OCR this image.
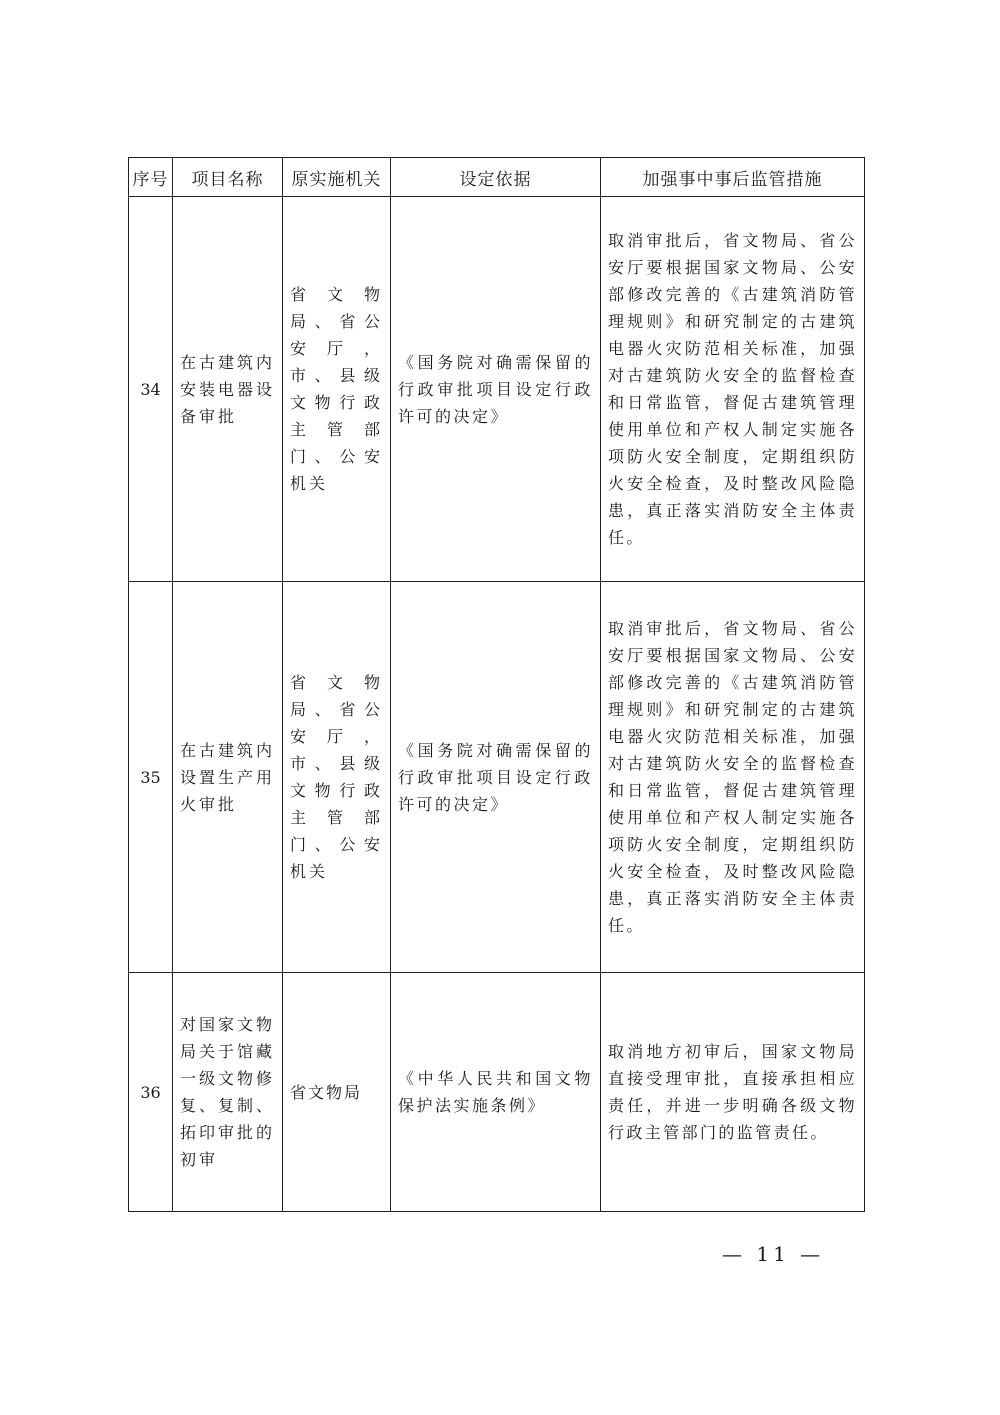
序号	项目名称	原实施机关	设定依据	加强事中事后监管措施
34	在古建筑内安装电器设备审批	省文物局、省公安厅，市、县级文物行政主管部门、公安机关	《国务院对确需保留的行政审批项目设定行政许可的决定》	取消审批后，省文物局、省公安厅要根据国家文物局、公安部修改完善的《古建筑消防管理规则》和研究制定的古建筑电器火灾防范相关标准，加强对古建筑防火安全的监督检查和日常监管，督促古建筑管理使用单位和产权人制定实施各项防火安全制度，定期组织防火安全检查，及时整改风险隐患，真正落实消防安全主体责任。
35	在古建筑内设置生产用火审批	省文物局、省公安厅，市、县级文物行政主管部门、公安机关	《国务院对确需保留的行政审批项目设定行政许可的决定》	取消审批后，省文物局、省公安厅要根据国家文物局、公安部修改完善的《古建筑消防管理规则》和研究制定的古建筑电器火灾防范相关标准，加强对古建筑防火安全的监督检查和日常监管，督促古建筑管理使用单位和产权人制定实施各项防火安全制度，定期组织防火安全检查，及时整改风险隐患，真正落实消防安全主体责任。
36	对国家文物局关于馆藏一级文物修复、复制、拓印审批的初审	省文物局	《中华人民共和国文物保护法实施条例》	取消地方初审后，国家文物局直接受理审批，直接承担相应责任，并进一步明确各级文物行政主管部门的监管责任。
— 11 —
